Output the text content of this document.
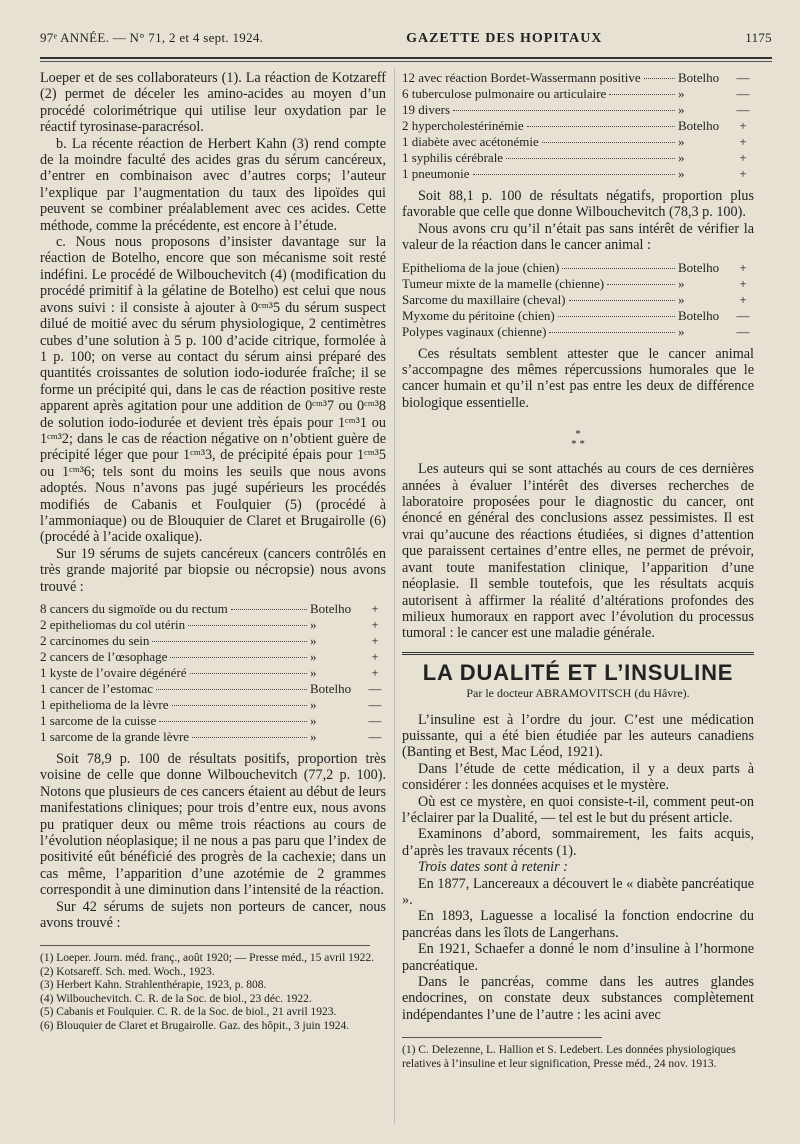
97ᵉ ANNÉE. — N° 71, 2 et 4 sept. 1924.	GAZETTE DES HOPITAUX	1175

Loeper et de ses collaborateurs (1). La réaction de Kotzareff (2) permet de déceler les amino-acides au moyen d’un procédé colorimétrique qui utilise leur oxydation par le réactif tyrosinase-paracrésol.

b. La récente réaction de Herbert Kahn (3) rend compte de la moindre faculté des acides gras du sérum cancéreux, d’entrer en combinaison avec d’autres corps; l’auteur l’explique par l’augmentation du taux des lipoïdes qui peuvent se combiner préalablement avec ces acides. Cette méthode, comme la précédente, est encore à l’étude.

c. Nous nous proposons d’insister davantage sur la réaction de Botelho, encore que son mécanisme soit resté indéfini. Le procédé de Wilbouchevitch (4) (modification du procédé primitif à la gélatine de Botelho) est celui que nous avons suivi : il consiste à ajouter à 0ᶜᵐ³5 du sérum suspect dilué de moitié avec du sérum physiologique, 2 centimètres cubes d’une solution à 5 p. 100 d’acide citrique, formolée à 1 p. 100; on verse au contact du sérum ainsi préparé des quantités croissantes de solution iodo-iodurée fraîche; il se forme un précipité qui, dans le cas de réaction positive reste apparent après agitation pour une addition de 0ᶜᵐ³7 ou 0ᶜᵐ³8 de solution iodo-iodurée et devient très épais pour 1ᶜᵐ³1 ou 1ᶜᵐ³2; dans le cas de réaction négative on n’obtient guère de précipité léger que pour 1ᶜᵐ³3, de précipité épais pour 1ᶜᵐ³5 ou 1ᶜᵐ³6; tels sont du moins les seuils que nous avons adoptés. Nous n’avons pas jugé supérieurs les procédés modifiés de Cabanis et Foulquier (5) (procédé à l’ammoniaque) ou de Blouquier de Claret et Brugairolle (6) (procédé à l’acide oxalique).

Sur 19 sérums de sujets cancéreux (cancers contrôlés en très grande majorité par biopsie ou nécropsie) nous avons trouvé :

8 cancers du sigmoïde ou du rectum	Botelho	+
2 epitheliomas du col utérin	»	+
2 carcinomes du sein	»	+
2 cancers de l’œsophage	»	+
1 kyste de l’ovaire dégénéré	»	+
1 cancer de l’estomac	Botelho	—
1 epithelioma de la lèvre	»	—
1 sarcome de la cuisse	»	—
1 sarcome de la grande lèvre	»	—

Soit 78,9 p. 100 de résultats positifs, proportion très voisine de celle que donne Wilbouchevitch (77,2 p. 100). Notons que plusieurs de ces cancers étaient au début de leurs manifestations cliniques; pour trois d’entre eux, nous avons pu pratiquer deux ou même trois réactions au cours de l’évolution néoplasique; il ne nous a pas paru que l’index de positivité eût bénéficié des progrès de la cachexie; dans un cas même, l’apparition d’une azotémie de 2 grammes correspondit à une diminution dans l’intensité de la réaction.

Sur 42 sérums de sujets non porteurs de cancer, nous avons trouvé :

(1) Loeper. Journ. méd. franç., août 1920; — Presse méd., 15 avril 1922.
(2) Kotsareff. Sch. med. Woch., 1923.
(3) Herbert Kahn. Strahlenthérapie, 1923, p. 808.
(4) Wilbouchevitch. C. R. de la Soc. de biol., 23 déc. 1922.
(5) Cabanis et Foulquier. C. R. de la Soc. de biol., 21 avril 1923.
(6) Blouquier de Claret et Brugairolle. Gaz. des hôpit., 3 juin 1924.
12 avec réaction Bordet-Wassermann positive	Botelho	—
6 tuberculose pulmonaire ou articulaire	»	—
19 divers	»	—
2 hypercholestérinémie	Botelho	+
1 diabète avec acétonémie	»	+
1 syphilis cérébrale	»	+
1 pneumonie	»	+

Soit 88,1 p. 100 de résultats négatifs, proportion plus favorable que celle que donne Wilbouchevitch (78,3 p. 100).

Nous avons cru qu’il n’était pas sans intérêt de vérifier la valeur de la réaction dans le cancer animal :

Epithelioma de la joue (chien)	Botelho	+
Tumeur mixte de la mamelle (chienne)	»	+
Sarcome du maxillaire (cheval)	»	+
Myxome du péritoine (chien)	Botelho	—
Polypes vaginaux (chienne)	»	—

Ces résultats semblent attester que le cancer animal s’accompagne des mêmes répercussions humorales que le cancer humain et qu’il n’est pas entre les deux de différence biologique essentielle.

*
* *

Les auteurs qui se sont attachés au cours de ces dernières années à évaluer l’intérêt des diverses recherches de laboratoire proposées pour le diagnostic du cancer, ont énoncé en général des conclusions assez pessimistes. Il est vrai qu’aucune des réactions étudiées, si dignes d’attention que paraissent certaines d’entre elles, ne permet de prévoir, avant toute manifestation clinique, l’apparition d’une néoplasie. Il semble toutefois, que les résultats acquis autorisent à affirmer la réalité d’altérations profondes des milieux humoraux en rapport avec l’évolution du processus tumoral : le cancer est une maladie générale.

LA DUALITÉ ET L’INSULINE
Par le docteur ABRAMOVITSCH (du Hâvre).

L’insuline est à l’ordre du jour. C’est une médication puissante, qui a été bien étudiée par les auteurs canadiens (Banting et Best, Mac Léod, 1921).

Dans l’étude de cette médication, il y a deux parts à considérer : les données acquises et le mystère.

Où est ce mystère, en quoi consiste-t-il, comment peut-on l’éclairer par la Dualité, — tel est le but du présent article.

Examinons d’abord, sommairement, les faits acquis, d’après les travaux récents (1).

Trois dates sont à retenir :

En 1877, Lancereaux a découvert le « diabète pancréatique ».

En 1893, Laguesse a localisé la fonction endocrine du pancréas dans les îlots de Langerhans.

En 1921, Schaefer a donné le nom d’insuline à l’hormone pancréatique.

Dans le pancréas, comme dans les autres glandes endocrines, on constate deux substances complètement indépendantes l’une de l’autre : les acini avec

(1) C. Delezenne, L. Hallion et S. Ledebert. Les données physiologiques relatives à l’insuline et leur signification, Presse méd., 24 nov. 1913.
